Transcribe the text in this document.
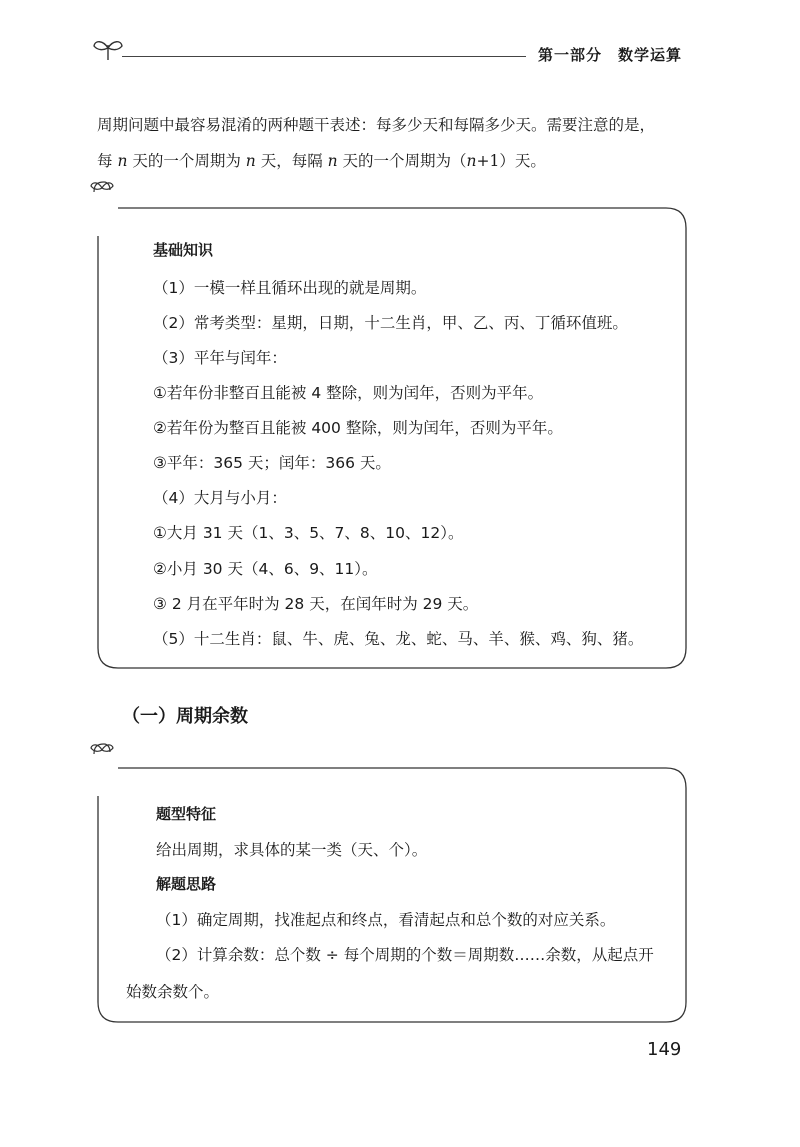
第一部分　数学运算
周期问题中最容易混淆的两种题干表述：每多少天和每隔多少天。需要注意的是，
每 n 天的一个周期为 n 天，每隔 n 天的一个周期为（n+1）天。
基础知识
（1）一模一样且循环出现的就是周期。
（2）常考类型：星期，日期，十二生肖，甲、乙、丙、丁循环值班。
（3）平年与闰年：
①若年份非整百且能被 4 整除，则为闰年，否则为平年。
②若年份为整百且能被 400 整除，则为闰年，否则为平年。
③平年：365 天；闰年：366 天。
（4）大月与小月：
①大月 31 天（1、3、5、7、8、10、12）。
②小月 30 天（4、6、9、11）。
③ 2 月在平年时为 28 天，在闰年时为 29 天。
（5）十二生肖：鼠、牛、虎、兔、龙、蛇、马、羊、猴、鸡、狗、猪。
（一）周期余数
题型特征
给出周期，求具体的某一类（天、个）。
解题思路
（1）确定周期，找准起点和终点，看清起点和总个数的对应关系。
（2）计算余数：总个数 ÷ 每个周期的个数＝周期数……余数，从起点开
始数余数个。
149
